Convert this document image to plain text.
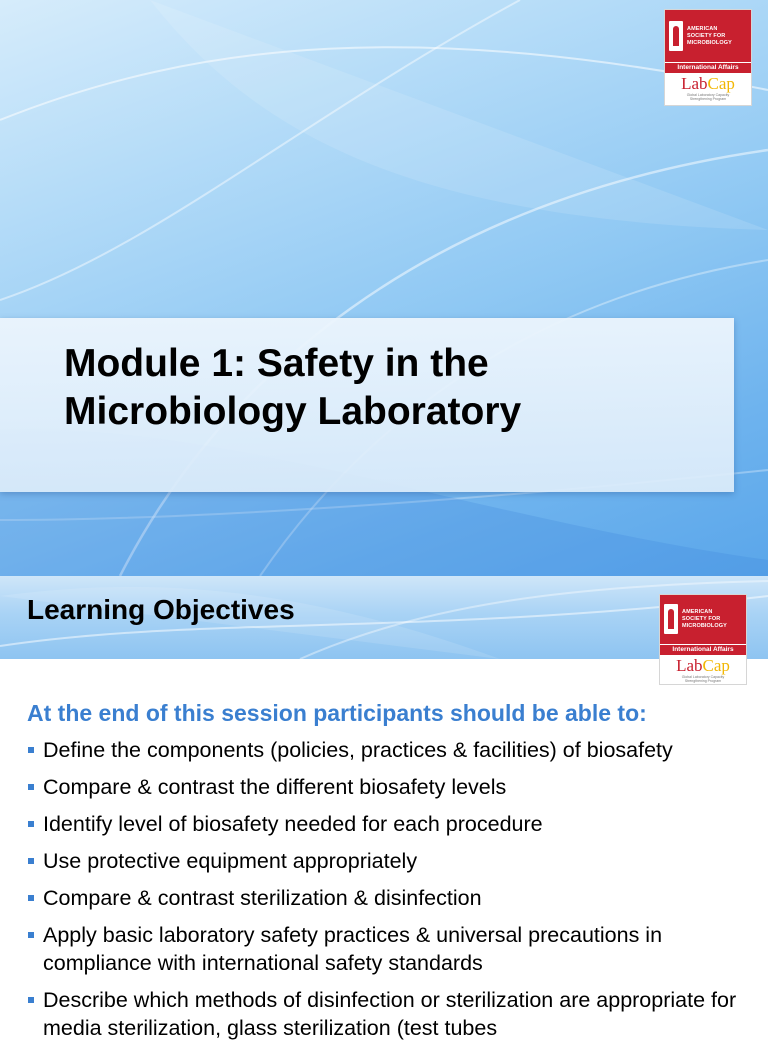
AMERICAN
SOCIETY FOR
MICROBIOLOGY
International Affairs
LabCap
Global Laboratory Capacity
Strengthening Program
Module 1: Safety in the
Microbiology Laboratory
Learning Objectives	AMERICAN
SOCIETY FOR
MICROBIOLOGY
International Affairs
LabCap
Global Laboratory Capacity
Strengthening Program

At the end of this session participants should be able to:

Define the components (policies, practices & facilities) of biosafety
Compare & contrast the different biosafety levels
Identify level of biosafety needed for each procedure
Use protective equipment appropriately
Compare & contrast sterilization & disinfection
Apply basic laboratory safety practices & universal precautions in compliance with international safety standards
Describe which methods of disinfection or sterilization are appropriate for media sterilization, glass sterilization (test tubes
